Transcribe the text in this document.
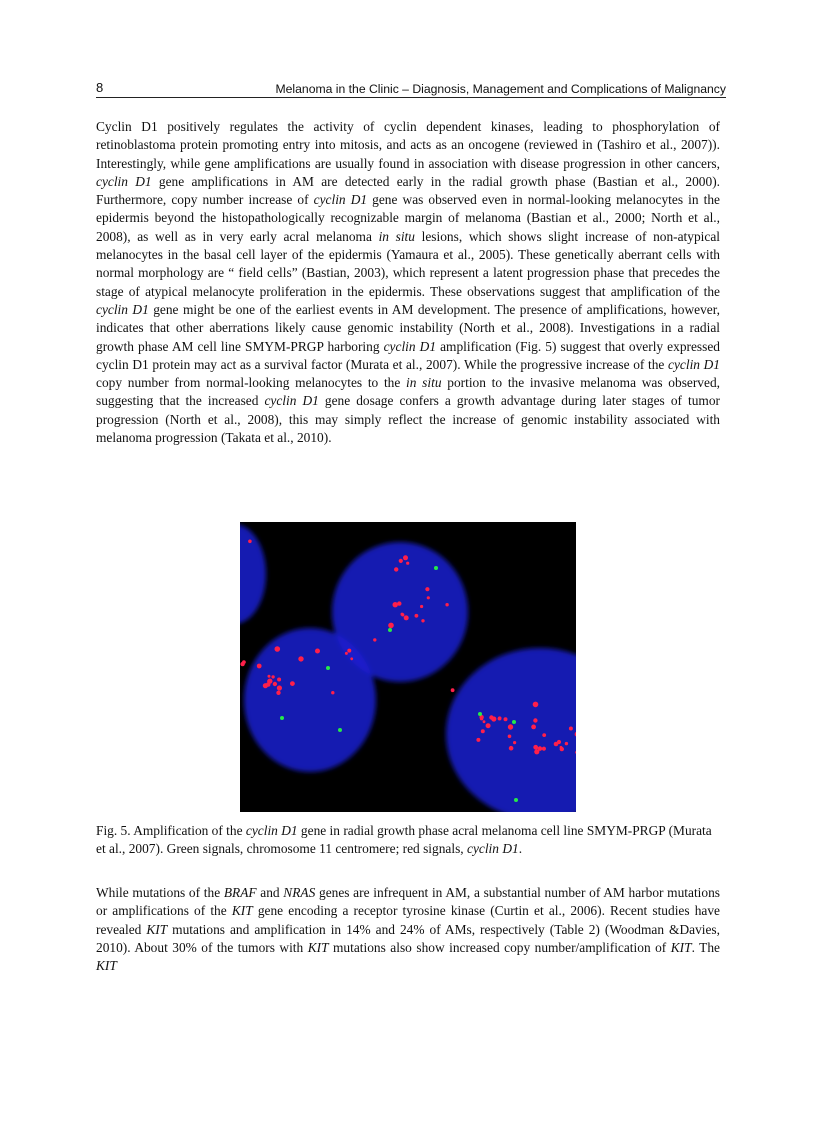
8	Melanoma in the Clinic – Diagnosis, Management and Complications of Malignancy

Cyclin D1 positively regulates the activity of cyclin dependent kinases, leading to phosphorylation of retinoblastoma protein promoting entry into mitosis, and acts as an oncogene (reviewed in (Tashiro et al., 2007)). Interestingly, while gene amplifications are usually found in association with disease progression in other cancers, cyclin D1 gene amplifications in AM are detected early in the radial growth phase (Bastian et al., 2000). Furthermore, copy number increase of cyclin D1 gene was observed even in normal-looking melanocytes in the epidermis beyond the histopathologically recognizable margin of melanoma (Bastian et al., 2000; North et al., 2008), as well as in very early acral melanoma in situ lesions, which shows slight increase of non-atypical melanocytes in the basal cell layer of the epidermis (Yamaura et al., 2005). These genetically aberrant cells with normal morphology are “ field cells” (Bastian, 2003), which represent a latent progression phase that precedes the stage of atypical melanocyte proliferation in the epidermis. These observations suggest that amplification of the cyclin D1 gene might be one of the earliest events in AM development. The presence of amplifications, however, indicates that other aberrations likely cause genomic instability (North et al., 2008). Investigations in a radial growth phase AM cell line SMYM-PRGP harboring cyclin D1 amplification (Fig. 5) suggest that overly expressed cyclin D1 protein may act as a survival factor (Murata et al., 2007). While the progressive increase of the cyclin D1 copy number from normal-looking melanocytes to the in situ portion to the invasive melanoma was observed, suggesting that the increased cyclin D1 gene dosage confers a growth advantage during later stages of tumor progression (North et al., 2008), this may simply reflect the increase of genomic instability associated with melanoma progression (Takata et al., 2010).

Fig. 5. Amplification of the cyclin D1 gene in radial growth phase acral melanoma cell line SMYM-PRGP (Murata et al., 2007). Green signals, chromosome 11 centromere; red signals, cyclin D1.

While mutations of the BRAF and NRAS genes are infrequent in AM, a substantial number of AM harbor mutations or amplifications of the KIT gene encoding a receptor tyrosine kinase (Curtin et al., 2006). Recent studies have revealed KIT mutations and amplification in 14% and 24% of AMs, respectively (Table 2) (Woodman &Davies, 2010). About 30% of the tumors with KIT mutations also show increased copy number/amplification of KIT. The KIT
